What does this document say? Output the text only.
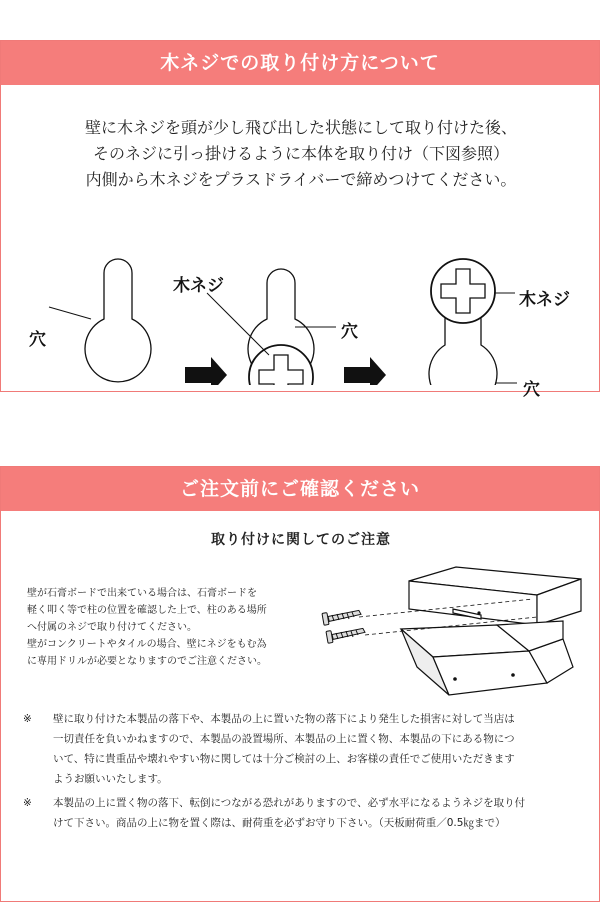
木ネジでの取り付け方について
壁に木ネジを頭が少し飛び出した状態にして取り付けた後、
そのネジに引っ掛けるように本体を取り付け（下図参照）
内側から木ネジをプラスドライバーで締めつけてください。
穴
木ネジ
穴
木ネジ
穴
ご注文前にご確認ください
取り付けに関してのご注意
壁が石膏ボードで出来ている場合は、石膏ボードを
軽く叩く等で柱の位置を確認した上で、柱のある場所
へ付属のネジで取り付けてください。
壁がコンクリートやタイルの場合、壁にネジをもむ為
に専用ドリルが必要となりますのでご注意ください。
※	壁に取り付けた本製品の落下や、本製品の上に置いた物の落下により発生した損害に対して当店は
一切責任を負いかねますので、本製品の設置場所、本製品の上に置く物、本製品の下にある物につ
いて、特に貴重品や壊れやすい物に関しては十分ご検討の上、お客様の責任でご使用いただきます
ようお願いいたします。
※	本製品の上に置く物の落下、転倒につながる恐れがありますので、必ず水平になるようネジを取り付
けて下さい。商品の上に物を置く際は、耐荷重を必ずお守り下さい。（天板耐荷重／0.5㎏まで）
